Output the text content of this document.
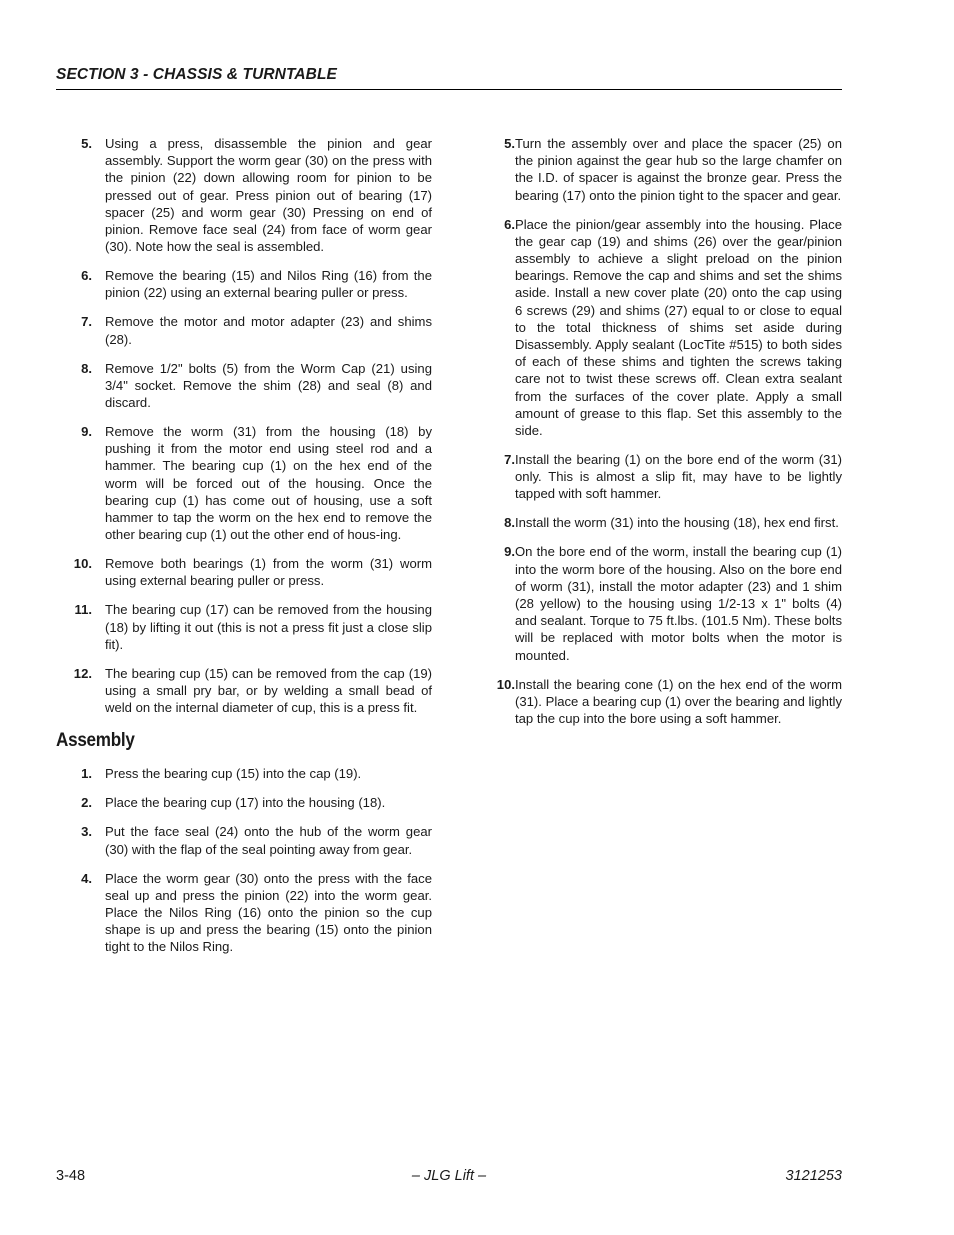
SECTION 3 - CHASSIS & TURNTABLE
5. Using a press, disassemble the pinion and gear assembly. Support the worm gear (30) on the press with the pinion (22) down allowing room for pinion to be pressed out of gear. Press pinion out of bearing (17) spacer (25) and worm gear (30) Pressing on end of pinion. Remove face seal (24) from face of worm gear (30). Note how the seal is assembled.
6. Remove the bearing (15) and Nilos Ring (16) from the pinion (22) using an external bearing puller or press.
7. Remove the motor and motor adapter (23) and shims (28).
8. Remove 1/2" bolts (5) from the Worm Cap (21) using 3/4" socket. Remove the shim (28) and seal (8) and discard.
9. Remove the worm (31) from the housing (18) by pushing it from the motor end using steel rod and a hammer. The bearing cup (1) on the hex end of the worm will be forced out of the housing. Once the bearing cup (1) has come out of housing, use a soft hammer to tap the worm on the hex end to remove the other bearing cup (1) out the other end of hous-ing.
10. Remove both bearings (1) from the worm (31) worm using external bearing puller or press.
11. The bearing cup (17) can be removed from the housing (18) by lifting it out (this is not a press fit just a close slip fit).
12. The bearing cup (15) can be removed from the cap (19) using a small pry bar, or by welding a small bead of weld on the internal diameter of cup, this is a press fit.
Assembly
1. Press the bearing cup (15) into the cap (19).
2. Place the bearing cup (17) into the housing (18).
3. Put the face seal (24) onto the hub of the worm gear (30) with the flap of the seal pointing away from gear.
4. Place the worm gear (30) onto the press with the face seal up and press the pinion (22) into the worm gear. Place the Nilos Ring (16) onto the pinion so the cup shape is up and press the bearing (15) onto the pinion tight to the Nilos Ring.
5. Turn the assembly over and place the spacer (25) on the pinion against the gear hub so the large chamfer on the I.D. of spacer is against the bronze gear. Press the bearing (17) onto the pinion tight to the spacer and gear.
6. Place the pinion/gear assembly into the housing. Place the gear cap (19) and shims (26) over the gear/pinion assembly to achieve a slight preload on the pinion bearings. Remove the cap and shims and set the shims aside. Install a new cover plate (20) onto the cap using 6 screws (29) and shims (27) equal to or close to equal to the total thickness of shims set aside during Disassembly. Apply sealant (LocTite #515) to both sides of each of these shims and tighten the screws taking care not to twist these screws off. Clean extra sealant from the surfaces of the cover plate. Apply a small amount of grease to this flap. Set this assembly to the side.
7. Install the bearing (1) on the bore end of the worm (31) only. This is almost a slip fit, may have to be lightly tapped with soft hammer.
8. Install the worm (31) into the housing (18), hex end first.
9. On the bore end of the worm, install the bearing cup (1) into the worm bore of the housing. Also on the bore end of worm (31), install the motor adapter (23) and 1 shim (28 yellow) to the housing using 1/2-13 x 1" bolts (4) and sealant. Torque to 75 ft.lbs. (101.5 Nm). These bolts will be replaced with motor bolts when the motor is mounted.
10. Install the bearing cone (1) on the hex end of the worm (31). Place a bearing cup (1) over the bearing and lightly tap the cup into the bore using a soft hammer.
3-48	– JLG Lift –	3121253
